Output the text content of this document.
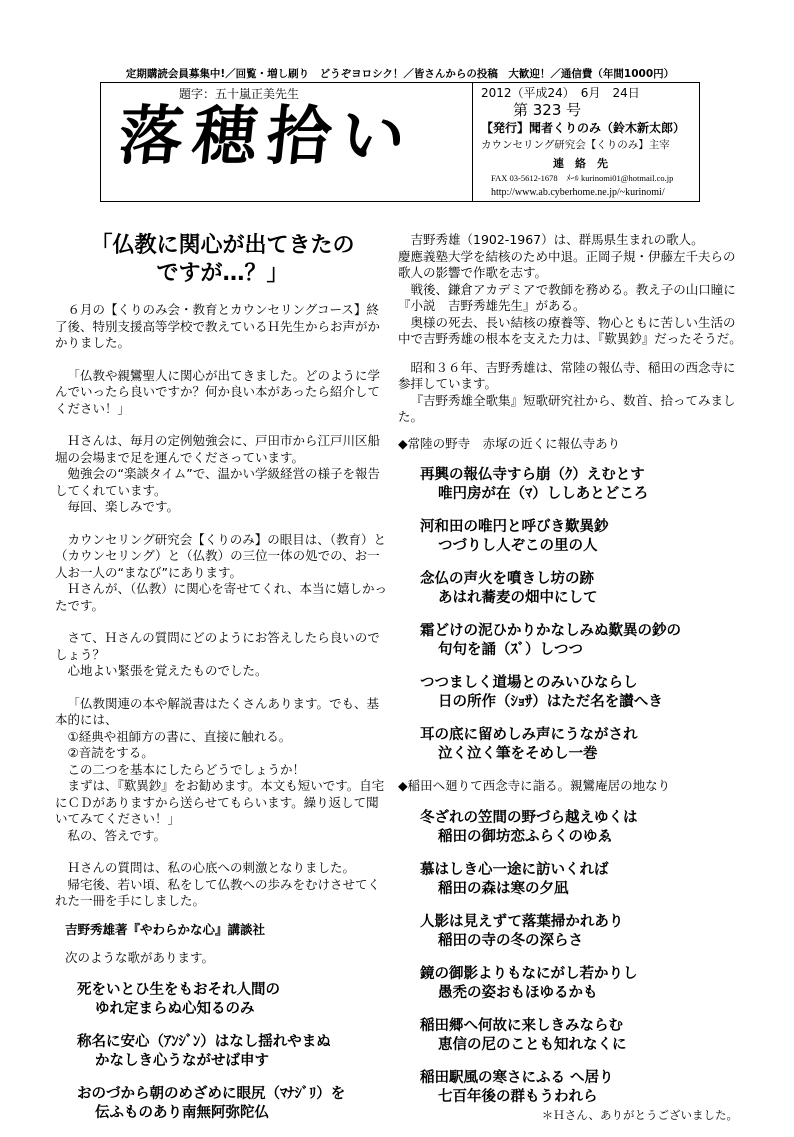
定期購読会員募集中!／回覧・増し刷り　どうぞヨロシク！／皆さんからの投稿　大歓迎！／通信費（年間1000円）
題字：五十嵐正美先生
落穂拾い
2012（平成24）　6月　24日
第 323 号
【発行】聞者くりのみ（鈴木新太郎）
カウンセリング研究会【くりのみ】主宰
連　絡　先
FAX 03-5612-1678　ﾒｰﾙ kurinomi01@hotmail.co.jp
http://www.ab.cyberhome.ne.jp/~kurinomi/
「仏教に関心が出てきたの
ですが…？」

６月の【くりのみ会・教育とカウンセリングコース】終了後、特別支援高等学校で教えているＨ先生からお声がかかりました。

「仏教や親鸞聖人に関心が出てきました。どのように学んでいったら良いですか？何か良い本があったら紹介してください！」

Ｈさんは、毎月の定例勉強会に、戸田市から江戸川区船堀の会場まで足を運んでくださっています。
勉強会の“楽談タイム”で、温かい学級経営の様子を報告してくれています。
毎回、楽しみです。
カウンセリング研究会【くりのみ】の眼目は、（教育）と（カウンセリング）と（仏教）の三位一体の処での、お一人お一人の“まなび”にあります。
Ｈさんが、（仏教）に関心を寄せてくれ、本当に嬉しかったです。
さて、Ｈさんの質問にどのようにお答えしたら良いのでしょう？
心地よい緊張を覚えたものでした。
「仏教関連の本や解説書はたくさんあります。でも、基本的には、
①経典や祖師方の書に、直接に触れる。
②音読をする。
この二つを基本にしたらどうでしょうか！
まずは、『歎異鈔』をお勧めます。本文も短いです。自宅にＣＤがありますから送らせてもらいます。繰り返して聞いてみてください！」
私の、答えです。
Ｈさんの質問は、私の心底への刺激となりました。
帰宅後、若い頃、私をして仏教への歩みをむけさせてくれた一冊を手にしました。

吉野秀雄著『やわらかな心』講談社

次のような歌があります。

死をいとひ生をもおそれ人間の
ゆれ定まらぬ心知るのみ
称名に安心（ｱﾝｼﾞﾝ）はなし揺れやまぬ
かなしき心うながせば申す
おのづから朝のめざめに眼尻（ﾏﾅｼﾞﾘ）を
伝ふものあり南無阿弥陀仏
吉野秀雄（1902-1967）は、群馬県生まれの歌人。
慶應義塾大学を結核のため中退。正岡子規・伊藤左千夫らの歌人の影響で作歌を志す。
戦後、鎌倉アカデミアで教師を務める。教え子の山口瞳に『小説　吉野秀雄先生』がある。
奥様の死去、長い結核の療養等、物心ともに苦しい生活の中で吉野秀雄の根本を支えた力は、『歎異鈔』だったそうだ。
昭和３６年、吉野秀雄は、常陸の報仏寺、稲田の西念寺に参拝しています。
『吉野秀雄全歌集』短歌研究社から、数首、拾ってみました。

◆常陸の野寺　赤塚の近くに報仏寺あり

再興の報仏寺すら崩（ｸ）えむとす
唯円房が在（ﾏ）ししあとどころ
河和田の唯円と呼びき歎異鈔
つづりし人ぞこの里の人
念仏の声火を噴きし坊の跡
あはれ蕎麦の畑中にして
霜どけの泥ひかりかなしみぬ歎異の鈔の
句句を誦（ｽﾞ）しつつ
つつましく道場とのみいひならし
日の所作（ｼｮｻ）はただ名を讃へき
耳の底に留めしみ声にうながされ
泣く泣く筆をそめし一巻

◆稲田へ廻りて西念寺に詣る。親鸞庵居の地なり

冬ざれの笠間の野づら越えゆくは
稲田の御坊恋ふらくのゆゑ
慕はしき心一途に訪いくれば
稲田の森は寒の夕凪
人影は見えずて落葉掃かれあり
稲田の寺の冬の深らさ
鏡の御影よりもなにがし若かりし
愚禿の姿おもほゆるかも
稲田郷へ何故に来しきみならむ
恵信の尼のことも知れなくに
稲田駅風の寒さにふる へ居り
七百年後の群もうわれら

＊Ｈさん、ありがとうございました。
